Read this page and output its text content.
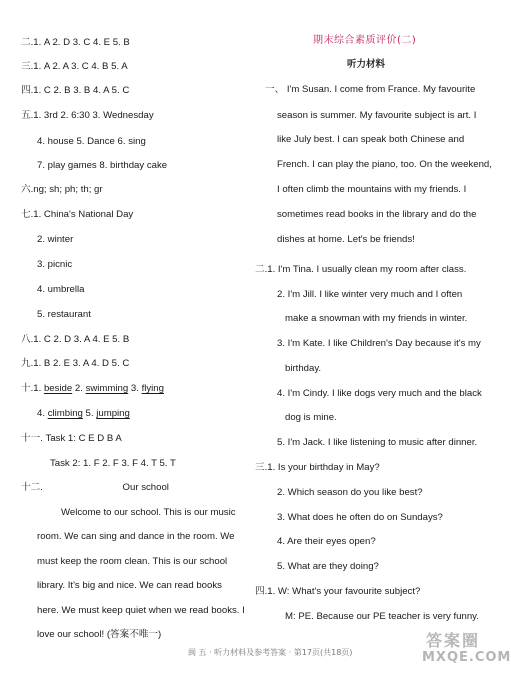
二.1. A 2. D 3. C 4. E 5. B
三.1. A 2. A 3. C 4. B 5. A
四.1. C 2. B 3. B 4. A 5. C
五.1. 3rd 2. 6:30 3. Wednesday
4. house 5. Dance 6. sing
7. play games 8. birthday cake
六.ng; sh; ph; th; gr
七.1. China's National Day
2. winter
3. picnic
4. umbrella
5. restaurant
八.1. C 2. D 3. A 4. E 5. B
九.1. B 2. E 3. A 4. D 5. C
十.1. beside 2. swimming 3. flying
4. climbing 5. jumping
十一. Task 1: C E D B A
Task 2: 1. F 2. F 3. F 4. T 5. T
十二.	Our school
Welcome to our school. This is our music
room. We can sing and dance in the room. We
must keep the room clean. This is our school
library. It's big and nice. We can read books
here. We must keep quiet when we read books. I
love our school! (答案不唯一)
期末综合素质评价(二)
听力材料
一、 I'm Susan. I come from France. My favourite
season is summer. My favourite subject is art. I
like July best. I can speak both Chinese and
French. I can play the piano, too. On the weekend,
I often climb the mountains with my friends. I
sometimes read books in the library and do the
dishes at home. Let's be friends!
二.1. I'm Tina. I usually clean my room after class.
2. I'm Jill. I like winter very much and I often
make a snowman with my friends in winter.
3. I'm Kate. I like Children's Day because it's my
birthday.
4. I'm Cindy. I like dogs very much and the black
dog is mine.
5. I'm Jack. I like listening to music after dinner.
三.1. Is your birthday in May?
2. Which season do you like best?
3. What does he often do on Sundays?
4. Are their eyes open?
5. What are they doing?
四.1. W: What's your favourite subject?
M: PE. Because our PE teacher is very funny.
闽 五 · 听力材料及参考答案 · 第17页(共18页)
答案圈
MXQE.COM
